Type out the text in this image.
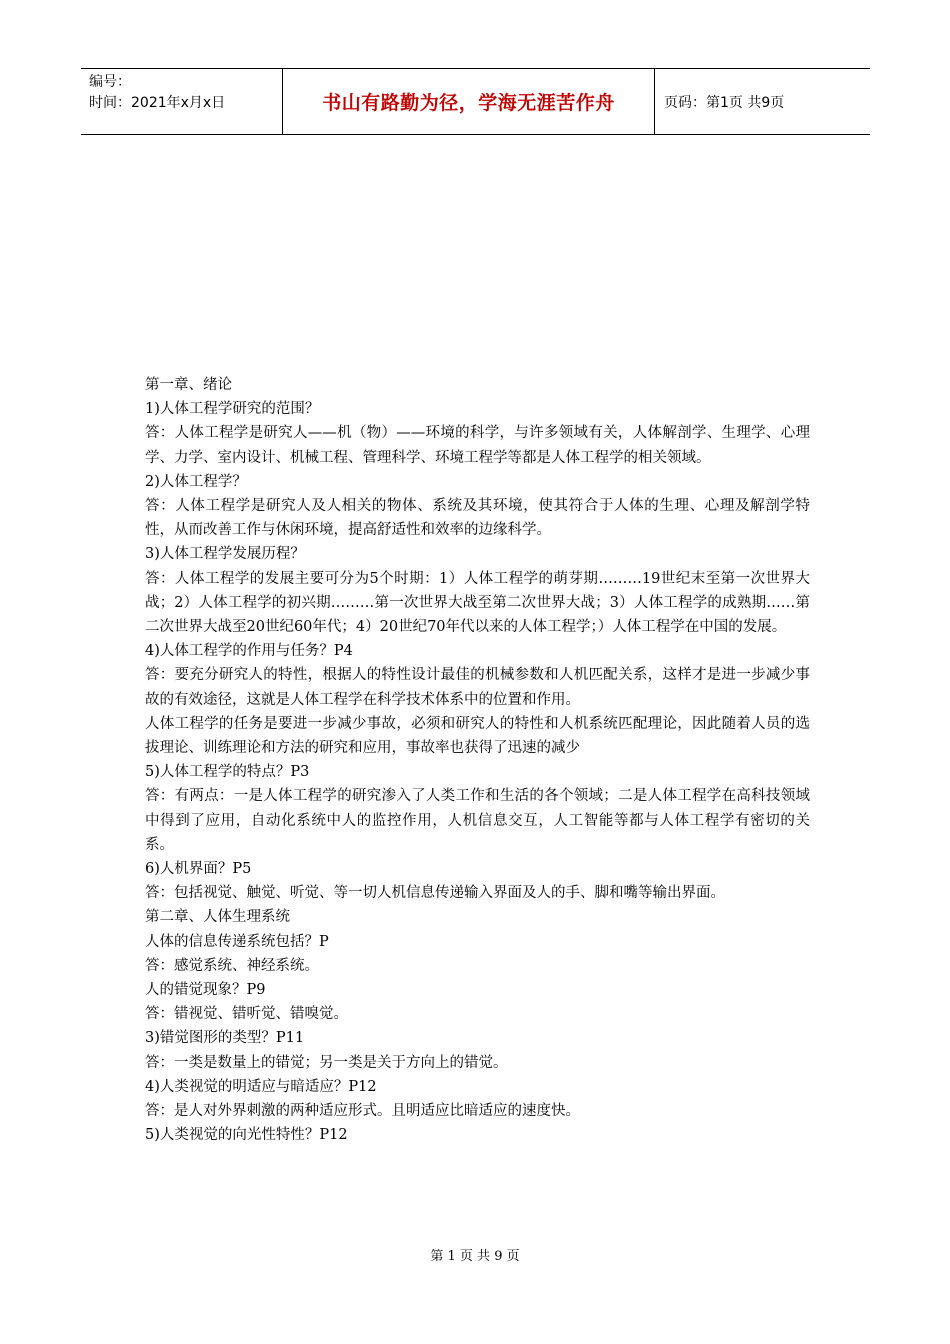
编号：
时间：2021年x月x日	书山有路勤为径，学海无涯苦作舟	页码：第1页 共9页

第一章、绪论

1)人体工程学研究的范围？

答：人体工程学是研究人——机（物）——环境的科学，与许多领域有关，人体解剖学、生理学、心理学、力学、室内设计、机械工程、管理科学、环境工程学等都是人体工程学的相关领域。

2)人体工程学？

答：人体工程学是研究人及人相关的物体、系统及其环境，使其符合于人体的生理、心理及解剖学特性，从而改善工作与休闲环境，提高舒适性和效率的边缘科学。

3)人体工程学发展历程？

答：人体工程学的发展主要可分为5个时期：1）人体工程学的萌芽期………19世纪末至第一次世界大战；2）人体工程学的初兴期………第一次世界大战至第二次世界大战；3）人体工程学的成熟期……第二次世界大战至20世纪60年代；4）20世纪70年代以来的人体工程学；）人体工程学在中国的发展。

4)人体工程学的作用与任务？P4

答：要充分研究人的特性，根据人的特性设计最佳的机械参数和人机匹配关系，这样才是进一步减少事故的有效途径，这就是人体工程学在科学技术体系中的位置和作用。

人体工程学的任务是要进一步减少事故，必须和研究人的特性和人机系统匹配理论，因此随着人员的选拔理论、训练理论和方法的研究和应用，事故率也获得了迅速的减少

5)人体工程学的特点？P3

答：有两点：一是人体工程学的研究渗入了人类工作和生活的各个领域；二是人体工程学在高科技领域中得到了应用，自动化系统中人的监控作用，人机信息交互，人工智能等都与人体工程学有密切的关系。

6)人机界面？P5

答：包括视觉、触觉、听觉、等一切人机信息传递输入界面及人的手、脚和嘴等输出界面。

第二章、人体生理系统

人体的信息传递系统包括？P

答：感觉系统、神经系统。

人的错觉现象？P9

答：错视觉、错听觉、错嗅觉。

3)错觉图形的类型？P11

答：一类是数量上的错觉；另一类是关于方向上的错觉。

4)人类视觉的明适应与暗适应？P12

答：是人对外界刺激的两种适应形式。且明适应比暗适应的速度快。

5)人类视觉的向光性特性？P12

第 1 页 共 9 页
